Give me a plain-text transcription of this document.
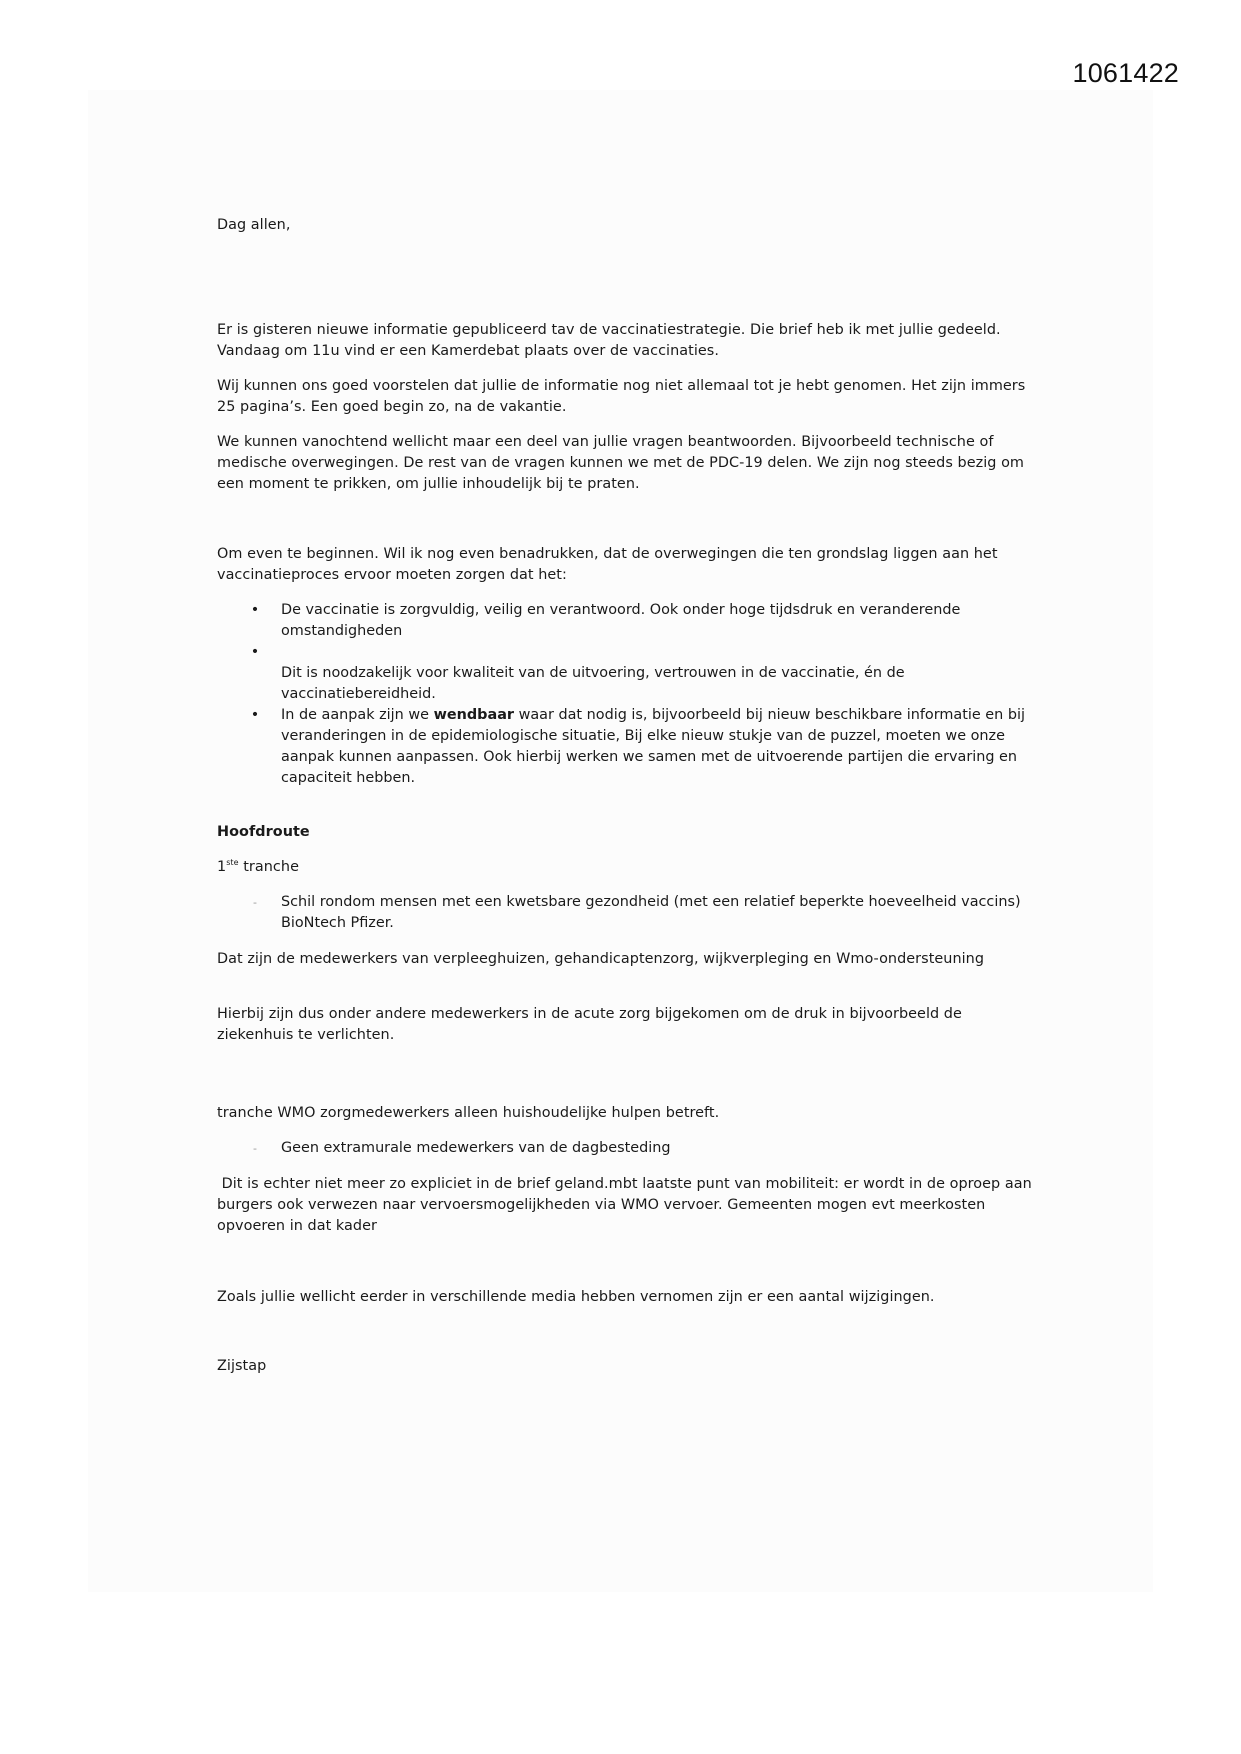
1061422

Dag allen,

Er is gisteren nieuwe informatie gepubliceerd tav de vaccinatiestrategie. Die brief heb ik met jullie gedeeld. Vandaag om 11u vind er een Kamerdebat plaats over de vaccinaties.

Wij kunnen ons goed voorstelen dat jullie de informatie nog niet allemaal tot je hebt genomen. Het zijn immers 25 pagina’s. Een goed begin zo, na de vakantie.

We kunnen vanochtend wellicht maar een deel van jullie vragen beantwoorden. Bijvoorbeeld technische of medische overwegingen. De rest van de vragen kunnen we met de PDC-19 delen. We zijn nog steeds bezig om een moment te prikken, om jullie inhoudelijk bij te praten.

Om even te beginnen. Wil ik nog even benadrukken, dat de overwegingen die ten grondslag liggen aan het vaccinatieproces ervoor moeten zorgen dat het:

• De vaccinatie is zorgvuldig, veilig en verantwoord. Ook onder hoge tijdsdruk en veranderende omstandigheden
•

Dit is noodzakelijk voor kwaliteit van de uitvoering, vertrouwen in de vaccinatie, én de vaccinatiebereidheid.
• In de aanpak zijn we wendbaar waar dat nodig is, bijvoorbeeld bij nieuw beschikbare informatie en bij veranderingen in de epidemiologische situatie, Bij elke nieuw stukje van de puzzel, moeten we onze aanpak kunnen aanpassen. Ook hierbij werken we samen met de uitvoerende partijen die ervaring en capaciteit hebben.

Hoofdroute

1ste tranche

-	Schil rondom mensen met een kwetsbare gezondheid (met een relatief beperkte hoeveelheid vaccins) BioNtech Pfizer.

Dat zijn de medewerkers van verpleeghuizen, gehandicaptenzorg, wijkverpleging en Wmo-ondersteuning

Hierbij zijn dus onder andere medewerkers in de acute zorg bijgekomen om de druk in bijvoorbeeld de ziekenhuis te verlichten.

tranche WMO zorgmedewerkers alleen huishoudelijke hulpen betreft.

-	Geen extramurale medewerkers van de dagbesteding

Dit is echter niet meer zo expliciet in de brief geland.mbt laatste punt van mobiliteit: er wordt in de oproep aan burgers ook verwezen naar vervoersmogelijkheden via WMO vervoer. Gemeenten mogen evt meerkosten opvoeren in dat kader

Zoals jullie wellicht eerder in verschillende media hebben vernomen zijn er een aantal wijzigingen.

Zijstap
